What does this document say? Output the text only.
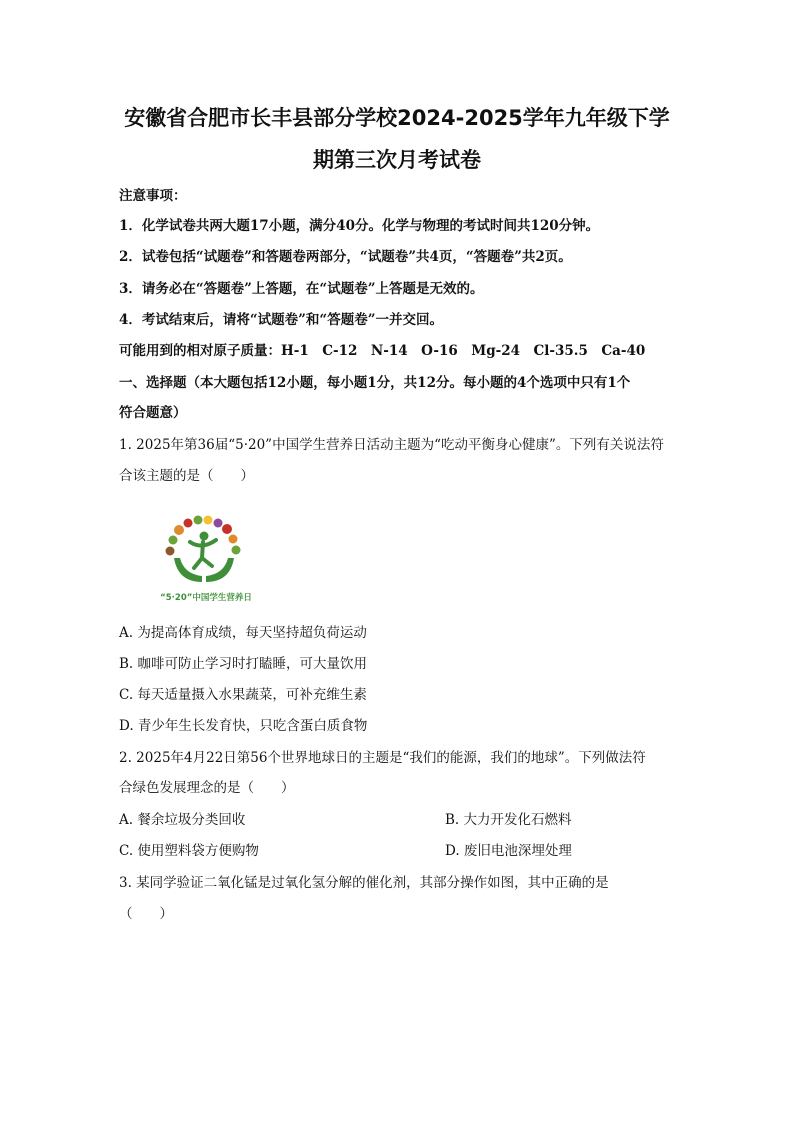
安徽省合肥市长丰县部分学校2024-2025学年九年级下学
期第三次月考试卷
注意事项：
1．化学试卷共两大题17小题，满分40分。化学与物理的考试时间共120分钟。
2．试卷包括“试题卷”和答题卷两部分，“试题卷”共4页，“答题卷”共2页。
3．请务必在“答题卷”上答题，在“试题卷”上答题是无效的。
4．考试结束后，请将“试题卷”和“答题卷”一并交回。
可能用到的相对原子质量：H-1　C-12　N-14　O-16　Mg-24　Cl-35.5　Ca-40
一、选择题（本大题包括12小题，每小题1分，共12分。每小题的4个选项中只有1个
符合题意）
1. 2025年第36届“5·20”中国学生营养日活动主题为“吃动平衡身心健康”。下列有关说法符
合该主题的是（　　）
“5·20”中国学生营养日
A. 为提高体育成绩，每天坚持超负荷运动
B. 咖啡可防止学习时打瞌睡，可大量饮用
C. 每天适量摄入水果蔬菜，可补充维生素
D. 青少年生长发育快，只吃含蛋白质食物
2. 2025年4月22日第56个世界地球日的主题是“我们的能源，我们的地球”。下列做法符
合绿色发展理念的是（　　）
A. 餐余垃圾分类回收	B. 大力开发化石燃料
C. 使用塑料袋方便购物	D. 废旧电池深埋处理
3. 某同学验证二氧化锰是过氧化氢分解的催化剂，其部分操作如图，其中正确的是
（　　）
